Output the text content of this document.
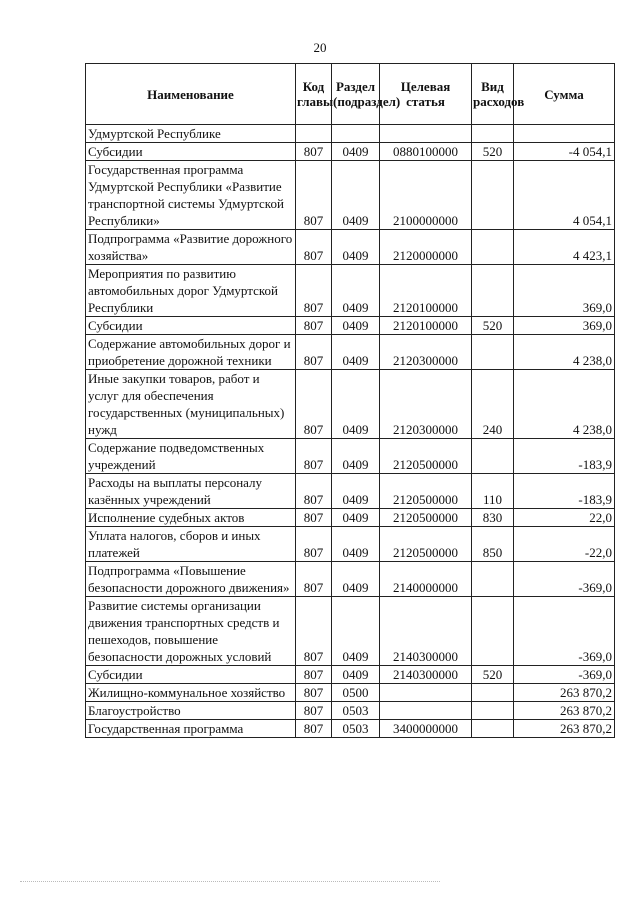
20
Наименование	Код главы	Раздел (подраздел)	Целевая статья	Вид расходов	Сумма
Удмуртской Республике					
Субсидии	807	0409	0880100000	520	-4 054,1
Государственная программа Удмуртской Республики «Развитие транспортной системы Удмуртской Республики»	807	0409	2100000000		4 054,1
Подпрограмма «Развитие дорожного хозяйства»	807	0409	2120000000		4 423,1
Мероприятия по развитию автомобильных дорог Удмуртской Республики	807	0409	2120100000		369,0
Субсидии	807	0409	2120100000	520	369,0
Содержание автомобильных дорог и приобретение дорожной техники	807	0409	2120300000		4 238,0
Иные закупки товаров, работ и услуг для обеспечения государственных (муниципальных) нужд	807	0409	2120300000	240	4 238,0
Содержание подведомственных учреждений	807	0409	2120500000		-183,9
Расходы на выплаты персоналу казённых учреждений	807	0409	2120500000	110	-183,9
Исполнение судебных актов	807	0409	2120500000	830	22,0
Уплата налогов, сборов и иных платежей	807	0409	2120500000	850	-22,0
Подпрограмма «Повышение безопасности дорожного движения»	807	0409	2140000000		-369,0
Развитие системы организации движения транспортных средств и пешеходов, повышение безопасности дорожных условий	807	0409	2140300000		-369,0
Субсидии	807	0409	2140300000	520	-369,0
Жилищно-коммунальное хозяйство	807	0500			263 870,2
Благоустройство	807	0503			263 870,2
Государственная программа	807	0503	3400000000		263 870,2
